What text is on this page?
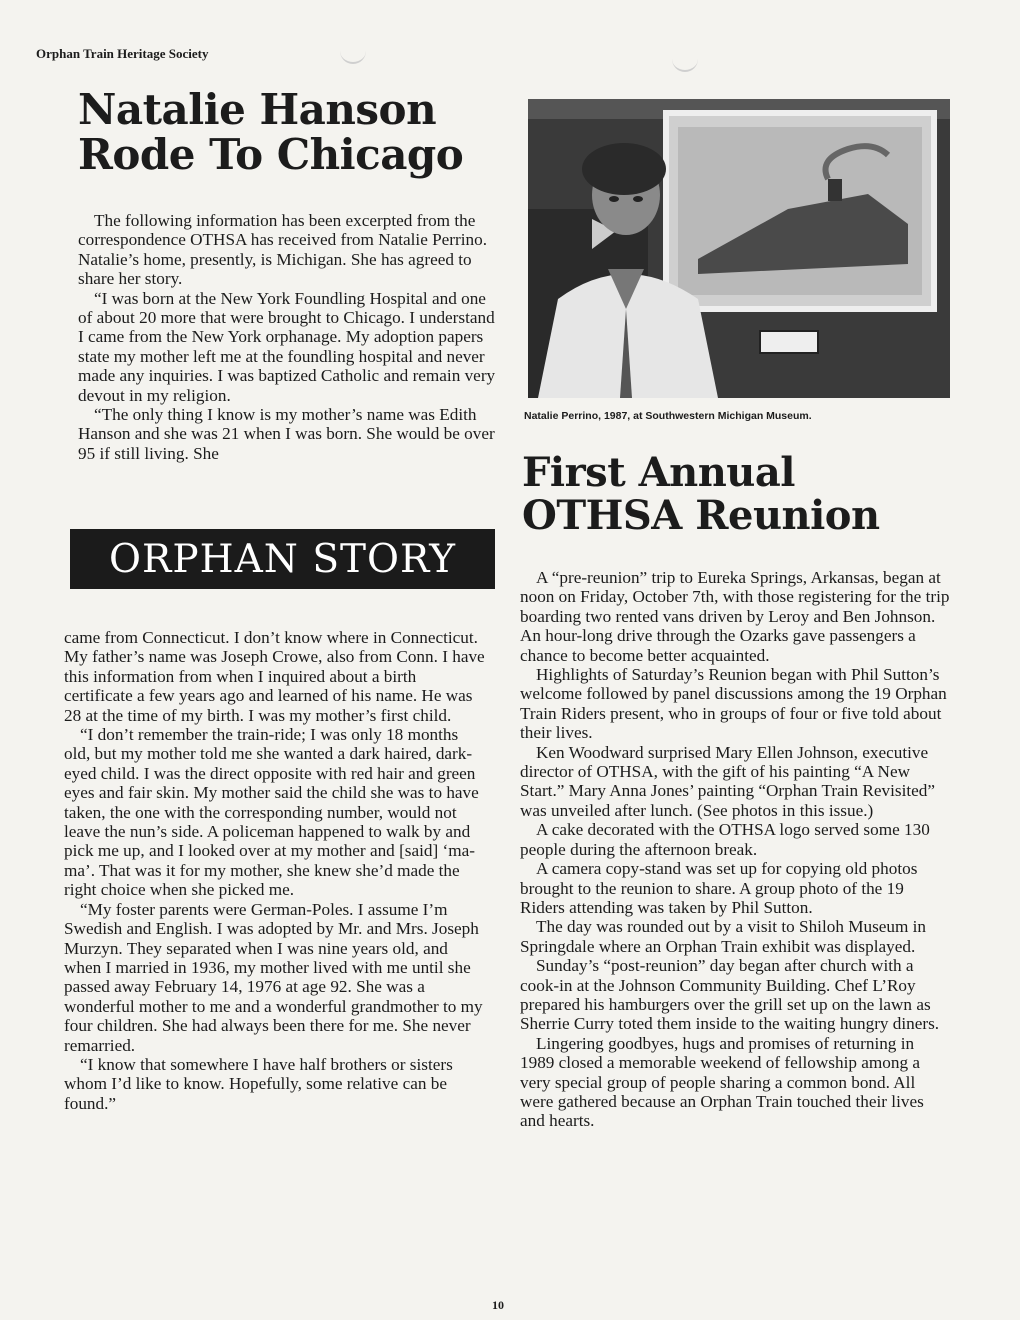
Orphan Train Heritage Society
Natalie Hanson
Rode To Chicago

The following information has been excerpted from the correspondence OTHSA has received from Natalie Perrino. Natalie’s home, presently, is Michigan. She has agreed to share her story.

“I was born at the New York Foundling Hospital and one of about 20 more that were brought to Chicago. I understand I came from the New York orphanage. My adoption papers state my mother left me at the foundling hospital and never made any inquiries. I was baptized Catholic and remain very devout in my religion.

“The only thing I know is my mother’s name was Edith Hanson and she was 21 when I was born. She would be over 95 if still living. She

ORPHAN STORY

came from Connecticut. I don’t know where in Connecticut. My father’s name was Joseph Crowe, also from Conn. I have this information from when I inquired about a birth certificate a few years ago and learned of his name. He was 28 at the time of my birth. I was my mother’s first child.

“I don’t remember the train-ride; I was only 18 months old, but my mother told me she wanted a dark haired, dark-eyed child. I was the direct opposite with red hair and green eyes and fair skin. My mother said the child she was to have taken, the one with the corresponding number, would not leave the nun’s side. A policeman happened to walk by and pick me up, and I looked over at my mother and [said] ‘ma-ma’. That was it for my mother, she knew she’d made the right choice when she picked me.

“My foster parents were German-Poles. I assume I’m Swedish and English. I was adopted by Mr. and Mrs. Joseph Murzyn. They separated when I was nine years old, and when I married in 1936, my mother lived with me until she passed away February 14, 1976 at age 92. She was a wonderful mother to me and a wonderful grandmother to my four children. She had always been there for me. She never remarried.

“I know that somewhere I have half brothers or sisters whom I’d like to know. Hopefully, some relative can be found.”

Natalie Perrino, 1987, at Southwestern Michigan Museum.
First Annual
OTHSA Reunion

A “pre-reunion” trip to Eureka Springs, Arkansas, began at noon on Friday, October 7th, with those registering for the trip boarding two rented vans driven by Leroy and Ben Johnson. An hour-long drive through the Ozarks gave passengers a chance to become better acquainted.

Highlights of Saturday’s Reunion began with Phil Sutton’s welcome followed by panel discussions among the 19 Orphan Train Riders present, who in groups of four or five told about their lives.

Ken Woodward surprised Mary Ellen Johnson, executive director of OTHSA, with the gift of his painting “A New Start.” Mary Anna Jones’ painting “Orphan Train Revisited” was unveiled after lunch. (See photos in this issue.)

A cake decorated with the OTHSA logo served some 130 people during the afternoon break.

A camera copy-stand was set up for copying old photos brought to the reunion to share. A group photo of the 19 Riders attending was taken by Phil Sutton.

The day was rounded out by a visit to Shiloh Museum in Springdale where an Orphan Train exhibit was displayed.

Sunday’s “post-reunion” day began after church with a cook-in at the Johnson Community Building. Chef L’Roy prepared his hamburgers over the grill set up on the lawn as Sherrie Curry toted them inside to the waiting hungry diners.

Lingering goodbyes, hugs and promises of returning in 1989 closed a memorable weekend of fellowship among a very special group of people sharing a common bond. All were gathered because an Orphan Train touched their lives and hearts.

10
